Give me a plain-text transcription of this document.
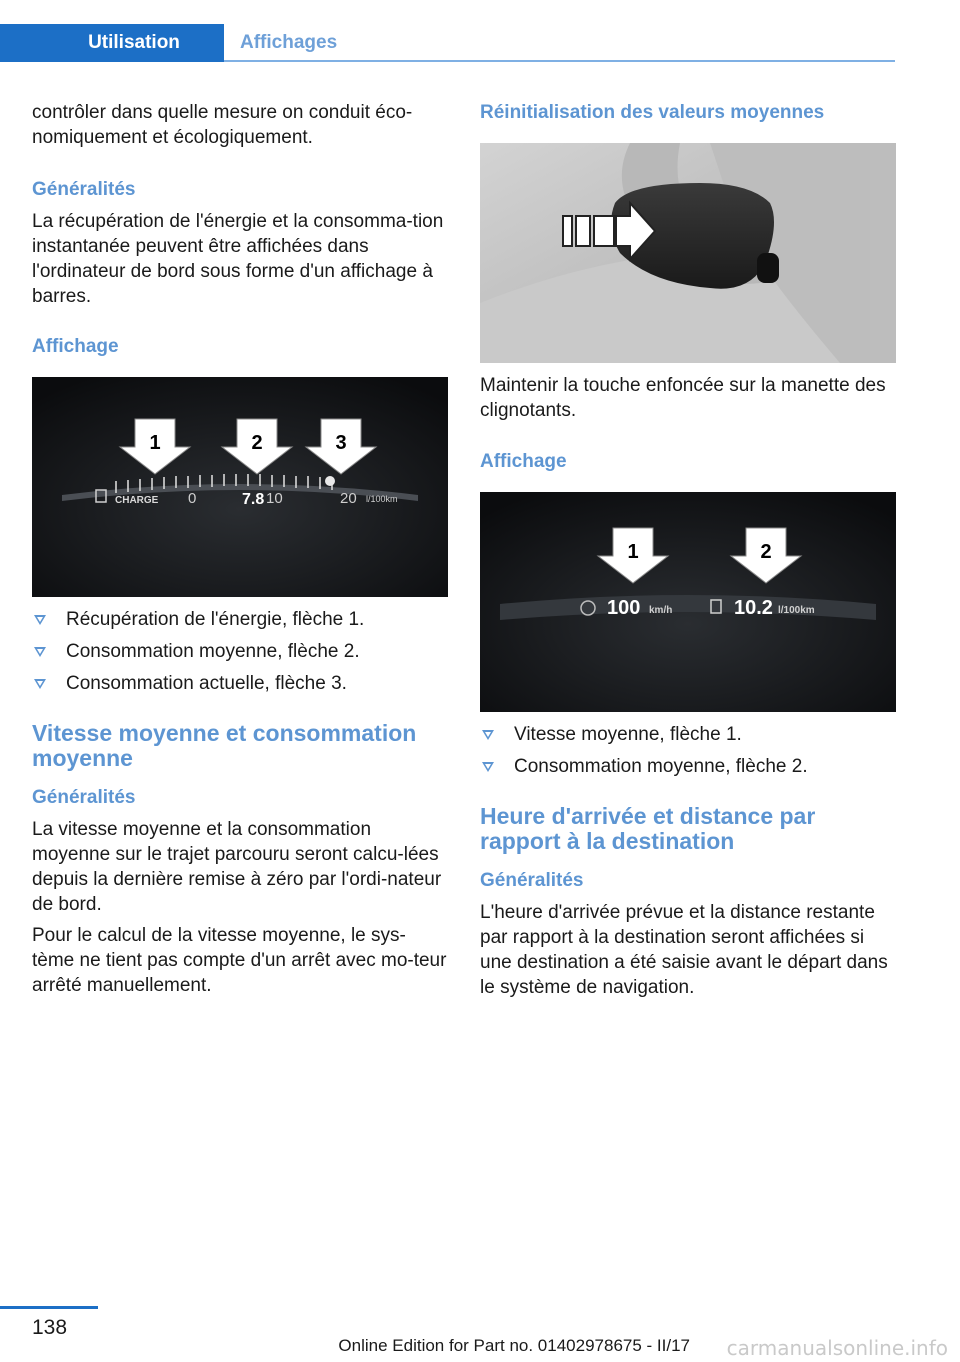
Utilisation	Affichages

contrôler dans quelle mesure on conduit éco-nomiquement et écologiquement.

Généralités

La récupération de l'énergie et la consomma-tion instantanée peuvent être affichées dans l'ordinateur de bord sous forme d'un affichage à barres.

Affichage
1	2	3
CHARGE 0	7.8 10	20 l/100km
Récupération de l'énergie, flèche 1.
Consommation moyenne, flèche 2.
Consommation actuelle, flèche 3.
Vitesse moyenne et consommation moyenne
Généralités

La vitesse moyenne et la consommation moyenne sur le trajet parcouru seront calcu-lées depuis la dernière remise à zéro par l'ordi-nateur de bord.

Pour le calcul de la vitesse moyenne, le sys-tème ne tient pas compte d'un arrêt avec mo-teur arrêté manuellement.

Réinitialisation des valeurs moyennes

Maintenir la touche enfoncée sur la manette des clignotants.

Affichage
1	2
100 km/h	10.2 l/100km
Vitesse moyenne, flèche 1.
Consommation moyenne, flèche 2.
Heure d'arrivée et distance par rapport à la destination
Généralités

L'heure d'arrivée prévue et la distance restante par rapport à la destination seront affichées si une destination a été saisie avant le départ dans le système de navigation.

138
Online Edition for Part no. 01402978675 - II/17 carmanualsonline.info
